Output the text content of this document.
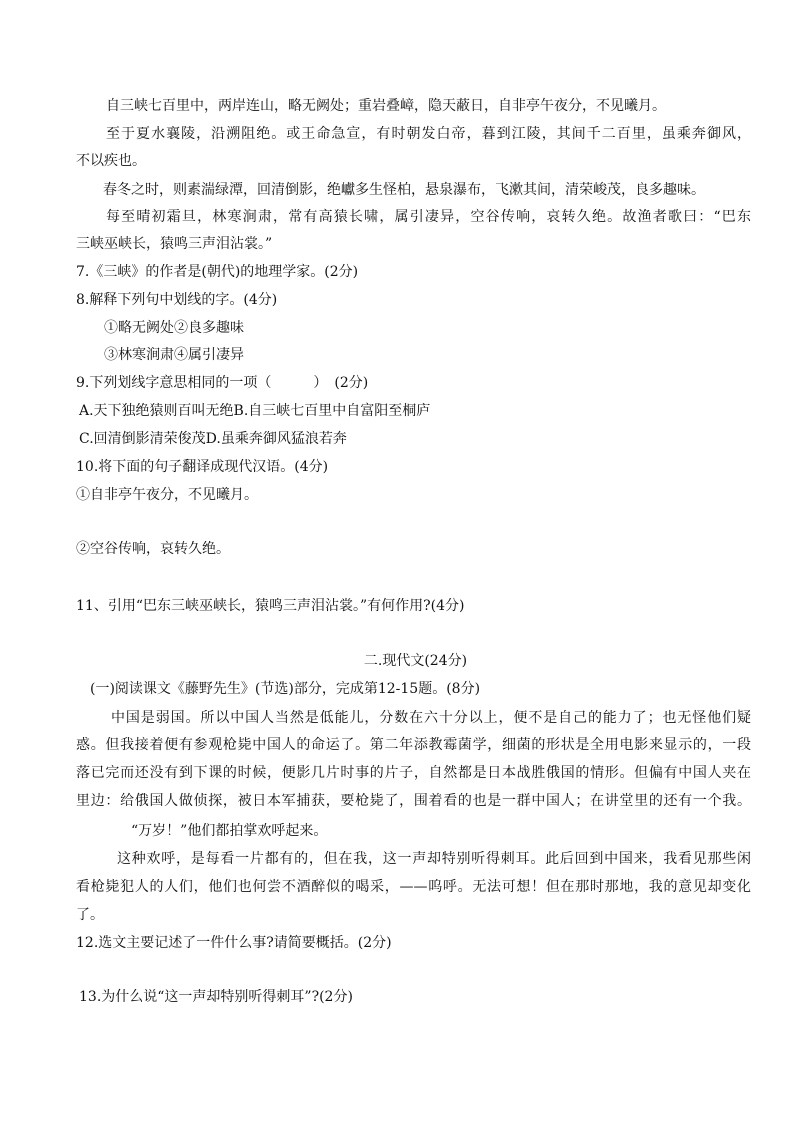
自三峡七百里中，两岸连山，略无阙处；重岩叠嶂，隐天蔽日，自非亭午夜分，不见曦月。
至于夏水襄陵，沿溯阻绝。或王命急宣，有时朝发白帝，暮到江陵，其间千二百里，虽乘奔御风，
不以疾也。
春冬之时，则素湍绿潭，回清倒影，绝巘多生怪柏，悬泉瀑布，飞漱其间，清荣峻茂，良多趣味。
每至晴初霜旦，林寒涧肃，常有高猿长啸，属引凄异，空谷传响，哀转久绝。故渔者歌曰：“巴东
三峡巫峡长，猿鸣三声泪沾裳。”
7.《三峡》的作者是(朝代)的地理学家。(2分)
8.解释下列句中划线的字。(4分)
①略无阙处②良多趣味
③林寒涧肃④属引凄异
9.下列划线字意思相同的一项（　　　）　(2分)
A.天下独绝猿则百叫无绝B.自三峡七百里中自富阳至桐庐
C.回清倒影清荣俊茂D.虽乘奔御风猛浪若奔
10.将下面的句子翻译成现代汉语。(4分)
①自非亭午夜分，不见曦月。
②空谷传响，哀转久绝。
11、引用“巴东三峡巫峡长，猿鸣三声泪沾裳。”有何作用?(4分)
二.现代文(24分)
(一)阅读课文《藤野先生》(节选)部分，完成第12-15题。(8分)
中国是弱国。所以中国人当然是低能儿，分数在六十分以上，便不是自己的能力了；也无怪他们疑
惑。但我接着便有参观枪毙中国人的命运了。第二年添教霉菌学，细菌的形状是全用电影来显示的，一段
落已完而还没有到下课的时候，便影几片时事的片子，自然都是日本战胜俄国的情形。但偏有中国人夹在
里边：给俄国人做侦探，被日本军捕获，要枪毙了，围着看的也是一群中国人；在讲堂里的还有一个我。
“万岁！”他们都拍掌欢呼起来。
这种欢呼，是每看一片都有的，但在我，这一声却特别听得刺耳。此后回到中国来，我看见那些闲
看枪毙犯人的人们，他们也何尝不酒醉似的喝采，——呜呼。无法可想！但在那时那地，我的意见却变化
了。
12.选文主要记述了一件什么事?请简要概括。(2分)
13.为什么说“这一声却特别听得刺耳”?(2分)
